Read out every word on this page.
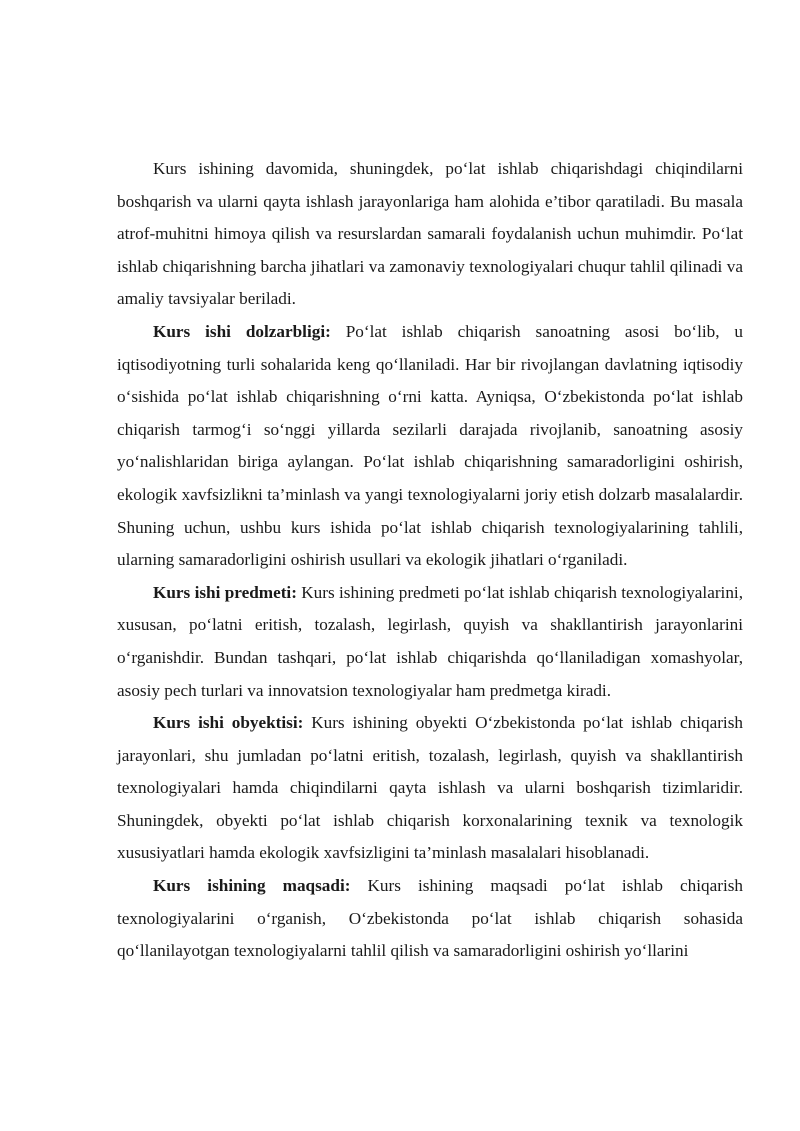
Kurs ishining davomida, shuningdek, po‘lat ishlab chiqarishdagi chiqindilarni boshqarish va ularni qayta ishlash jarayonlariga ham alohida e’tibor qaratiladi. Bu masala atrof-muhitni himoya qilish va resurslardan samarali foydalanish uchun muhimdir. Po‘lat ishlab chiqarishning barcha jihatlari va zamonaviy texnologiyalari chuqur tahlil qilinadi va amaliy tavsiyalar beriladi.

Kurs ishi dolzarbligi: Po‘lat ishlab chiqarish sanoatning asosi bo‘lib, u iqtisodiyotning turli sohalarida keng qo‘llaniladi. Har bir rivojlangan davlatning iqtisodiy o‘sishida po‘lat ishlab chiqarishning o‘rni katta. Ayniqsa, O‘zbekistonda po‘lat ishlab chiqarish tarmog‘i so‘nggi yillarda sezilarli darajada rivojlanib, sanoatning asosiy yo‘nalishlaridan biriga aylangan. Po‘lat ishlab chiqarishning samaradorligini oshirish, ekologik xavfsizlikni ta’minlash va yangi texnologiyalarni joriy etish dolzarb masalalardir. Shuning uchun, ushbu kurs ishida po‘lat ishlab chiqarish texnologiyalarining tahlili, ularning samaradorligini oshirish usullari va ekologik jihatlari o‘rganiladi.

Kurs ishi predmeti: Kurs ishining predmeti po‘lat ishlab chiqarish texnologiyalarini, xususan, po‘latni eritish, tozalash, legirlash, quyish va shakllantirish jarayonlarini o‘rganishdir. Bundan tashqari, po‘lat ishlab chiqarishda qo‘llaniladigan xomashyolar, asosiy pech turlari va innovatsion texnologiyalar ham predmetga kiradi.

Kurs ishi obyektisi: Kurs ishining obyekti O‘zbekistonda po‘lat ishlab chiqarish jarayonlari, shu jumladan po‘latni eritish, tozalash, legirlash, quyish va shakllantirish texnologiyalari hamda chiqindilarni qayta ishlash va ularni boshqarish tizimlaridir. Shuningdek, obyekti po‘lat ishlab chiqarish korxonalarining texnik va texnologik xususiyatlari hamda ekologik xavfsizligini ta’minlash masalalari hisoblanadi.

Kurs ishining maqsadi: Kurs ishining maqsadi po‘lat ishlab chiqarish texnologiyalarini o‘rganish, O‘zbekistonda po‘lat ishlab chiqarish sohasida qo‘llanilayotgan texnologiyalarni tahlil qilish va samaradorligini oshirish yo‘llarini
